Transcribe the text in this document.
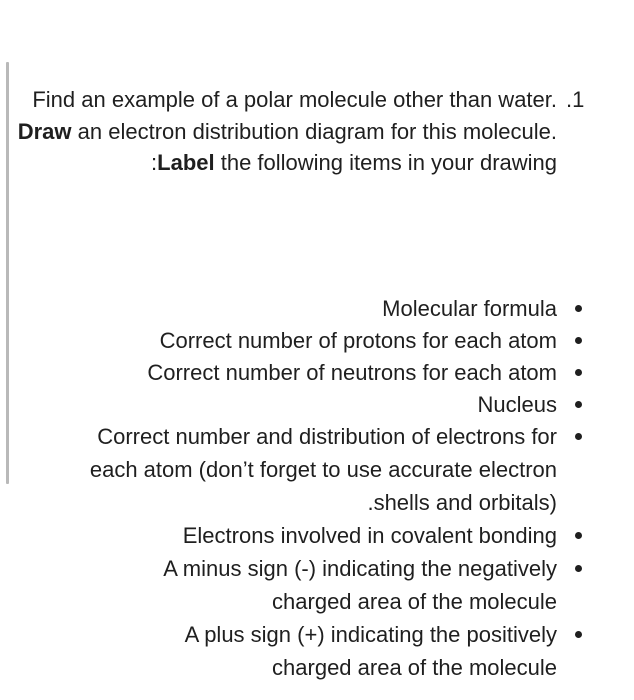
.1
Find an example of a polar molecule other than water. Draw an electron distribution diagram for this molecule. Label the following items in your drawing:
Molecular formula
Correct number of protons for each atom
Correct number of neutrons for each atom
Nucleus
Correct number and distribution of electrons for each atom (don’t forget to use accurate electron shells and orbitals).
Electrons involved in covalent bonding
A minus sign (-) indicating the negatively charged area of the molecule
A plus sign (+) indicating the positively charged area of the molecule
